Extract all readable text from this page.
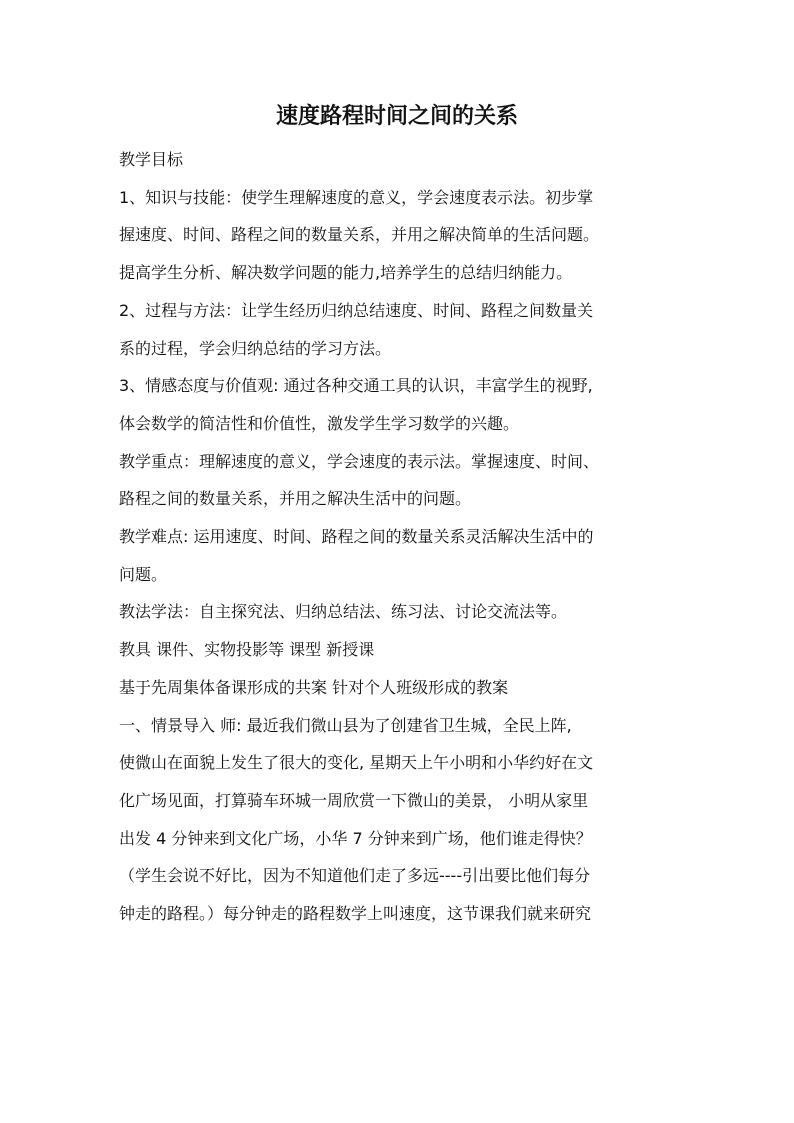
速度路程时间之间的关系
教学目标
1、知识与技能：使学生理解速度的意义，学会速度表示法。初步掌
握速度、时间、路程之间的数量关系，并用之解决简单的生活问题。
提高学生分析、解决数学问题的能力,培养学生的总结归纳能力。
2、过程与方法：让学生经历归纳总结速度、时间、路程之间数量关
系的过程，学会归纳总结的学习方法。
3、情感态度与价值观: 通过各种交通工具的认识，丰富学生的视野,
体会数学的简洁性和价值性，激发学生学习数学的兴趣。
教学重点：理解速度的意义，学会速度的表示法。掌握速度、时间、
路程之间的数量关系，并用之解决生活中的问题。
教学难点: 运用速度、时间、路程之间的数量关系灵活解决生活中的
问题。
教法学法：自主探究法、归纳总结法、练习法、讨论交流法等。
教具 课件、实物投影等 课型 新授课
基于先周集体备课形成的共案 针对个人班级形成的教案
一、情景导入 师: 最近我们微山县为了创建省卫生城，全民上阵,
使微山在面貌上发生了很大的变化, 星期天上午小明和小华约好在文
化广场见面，打算骑车环城一周欣赏一下微山的美景， 小明从家里
出发 4 分钟来到文化广场，小华 7 分钟来到广场，他们谁走得快？
（学生会说不好比，因为不知道他们走了多远----引出要比他们每分
钟走的路程。）每分钟走的路程数学上叫速度，这节课我们就来研究
